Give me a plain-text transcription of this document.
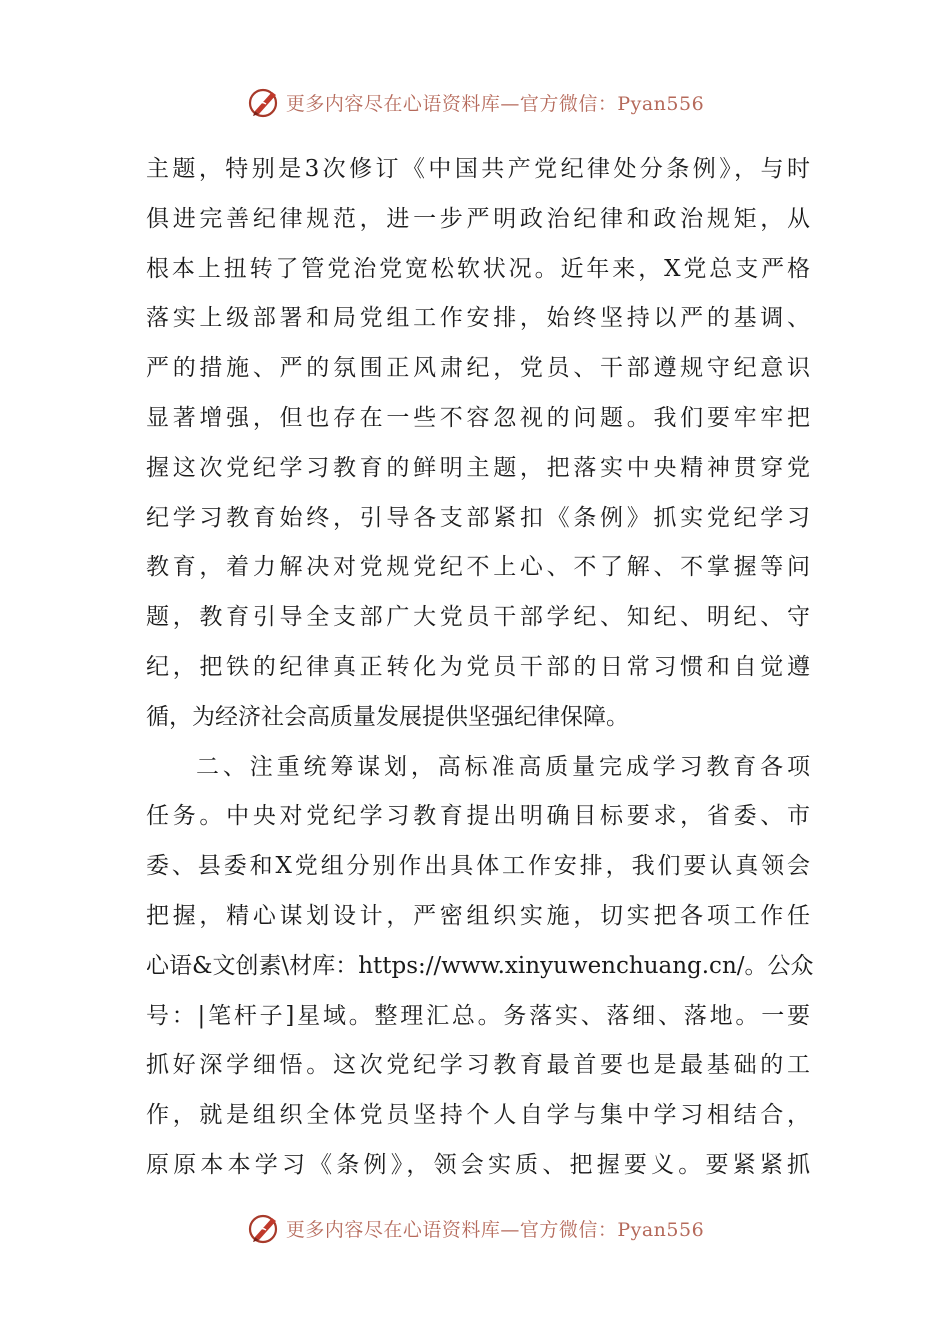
更多内容尽在心语资料库—官方微信：Pyan556
主题，特别是3次修订《中国共产党纪律处分条例》，与时
俱进完善纪律规范，进一步严明政治纪律和政治规矩，从
根本上扭转了管党治党宽松软状况。近年来，X党总支严格
落实上级部署和局党组工作安排，始终坚持以严的基调、
严的措施、严的氛围正风肃纪，党员、干部遵规守纪意识
显著增强，但也存在一些不容忽视的问题。我们要牢牢把
握这次党纪学习教育的鲜明主题，把落实中央精神贯穿党
纪学习教育始终，引导各支部紧扣《条例》抓实党纪学习
教育，着力解决对党规党纪不上心、不了解、不掌握等问
题，教育引导全支部广大党员干部学纪、知纪、明纪、守
纪，把铁的纪律真正转化为党员干部的日常习惯和自觉遵
循，为经济社会高质量发展提供坚强纪律保障。
二、注重统筹谋划，高标准高质量完成学习教育各项
任务。中央对党纪学习教育提出明确目标要求，省委、市
委、县委和X党组分别作出具体工作安排，我们要认真领会
把握，精心谋划设计，严密组织实施，切实把各项工作任
心语&文创素\材库：https://www.xinyuwenchuang.cn/。公众
号：|笔杆子]星域。整理汇总。务落实、落细、落地。一要
抓好深学细悟。这次党纪学习教育最首要也是最基础的工
作，就是组织全体党员坚持个人自学与集中学习相结合，
原原本本学习《条例》，领会实质、把握要义。要紧紧抓
更多内容尽在心语资料库—官方微信：Pyan556
